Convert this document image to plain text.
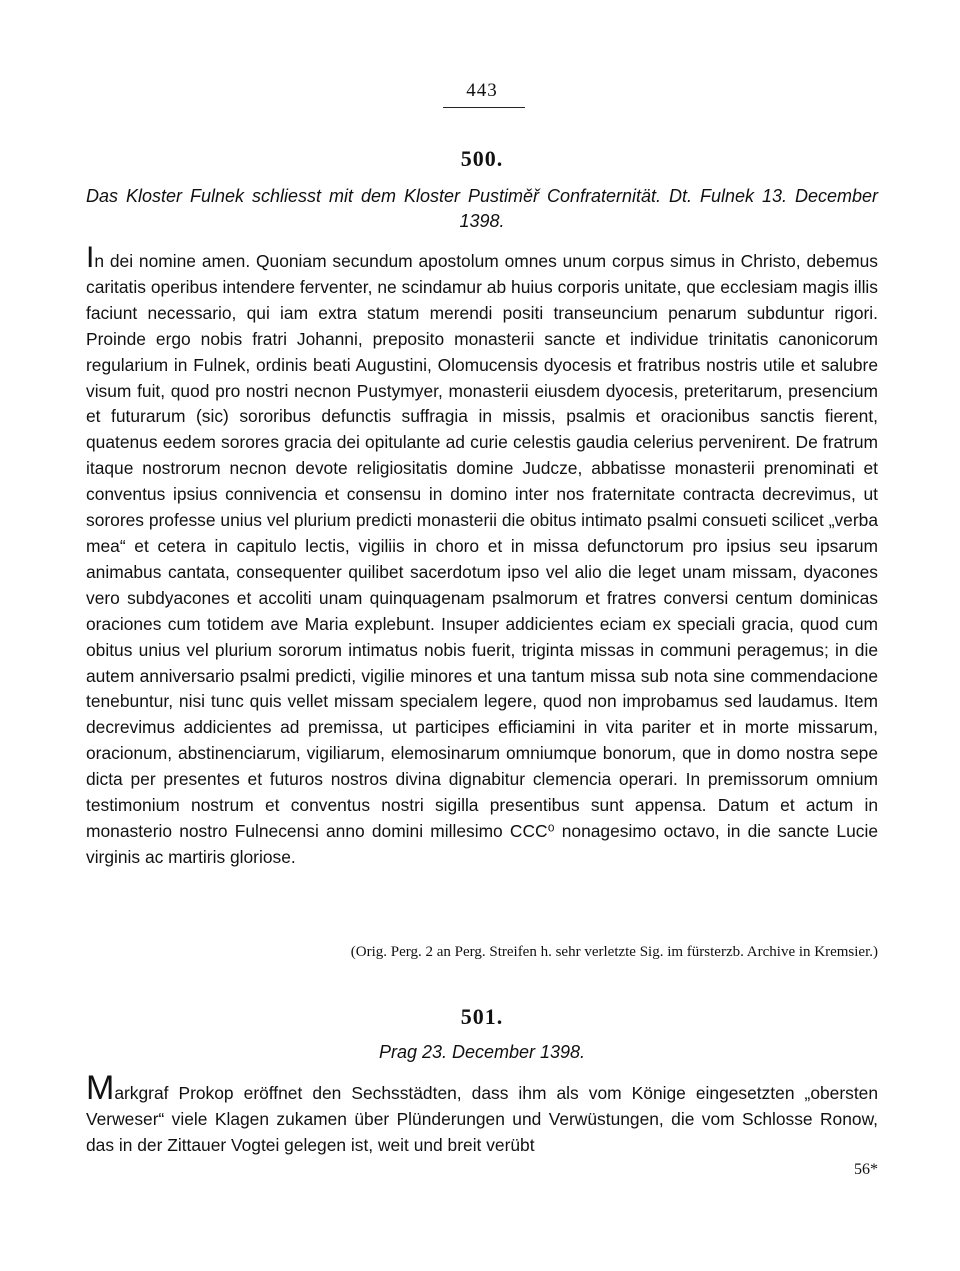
443
500.
Das Kloster Fulnek schliesst mit dem Kloster Pustiměř Confraternität. Dt. Fulnek 13. December 1398.
In dei nomine amen. Quoniam secundum apostolum omnes unum corpus simus in Christo, debemus caritatis operibus intendere ferventer, ne scindamur ab huius corporis unitate, que ecclesiam magis illis faciunt necessario, qui iam extra statum merendi positi transeuncium penarum subduntur rigori. Proinde ergo nobis fratri Johanni, preposito monasterii sancte et individue trinitatis canonicorum regularium in Fulnek, ordinis beati Augustini, Olomucensis dyocesis et fratribus nostris utile et salubre visum fuit, quod pro nostri necnon Pustymyer, monasterii eiusdem dyocesis, preteritarum, presencium et futurarum (sic) sororibus defunctis suffragia in missis, psalmis et oracionibus sanctis fierent, quatenus eedem sorores gracia dei opitulante ad curie celestis gaudia celerius pervenirent. De fratrum itaque nostrorum necnon devote religiositatis domine Judcze, abbatisse monasterii prenominati et conventus ipsius connivencia et consensu in domino inter nos fraternitate contracta decrevimus, ut sorores professe unius vel plurium predicti monasterii die obitus intimato psalmi consueti scilicet „verba mea“ et cetera in capitulo lectis, vigiliis in choro et in missa defunctorum pro ipsius seu ipsarum animabus cantata, consequenter quilibet sacerdotum ipso vel alio die leget unam missam, dyacones vero subdyacones et accoliti unam quinquagenam psalmorum et fratres conversi centum dominicas oraciones cum totidem ave Maria explebunt. Insuper addicientes eciam ex speciali gracia, quod cum obitus unius vel plurium sororum intimatus nobis fuerit, triginta missas in communi peragemus; in die autem anniversario psalmi predicti, vigilie minores et una tantum missa sub nota sine commendacione tenebuntur, nisi tunc quis vellet missam specialem legere, quod non improbamus sed laudamus. Item decrevimus addicientes ad premissa, ut participes efficiamini in vita pariter et in morte missarum, oracionum, abstinenciarum, vigiliarum, elemosinarum omniumque bonorum, que in domo nostra sepe dicta per presentes et futuros nostros divina dignabitur clemencia operari. In premissorum omnium testimonium nostrum et conventus nostri sigilla presentibus sunt appensa. Datum et actum in monasterio nostro Fulnecensi anno domini millesimo CCC⁰ nonagesimo octavo, in die sancte Lucie virginis ac martiris gloriose.
(Orig. Perg. 2 an Perg. Streifen h. sehr verletzte Sig. im fürsterzb. Archive in Kremsier.)
501.
Prag 23. December 1398.
Markgraf Prokop eröffnet den Sechsstädten, dass ihm als vom Könige eingesetzten „obersten Verweser“ viele Klagen zukamen über Plünderungen und Verwüstungen, die vom Schlosse Ronow, das in der Zittauer Vogtei gelegen ist, weit und breit verübt
56*
